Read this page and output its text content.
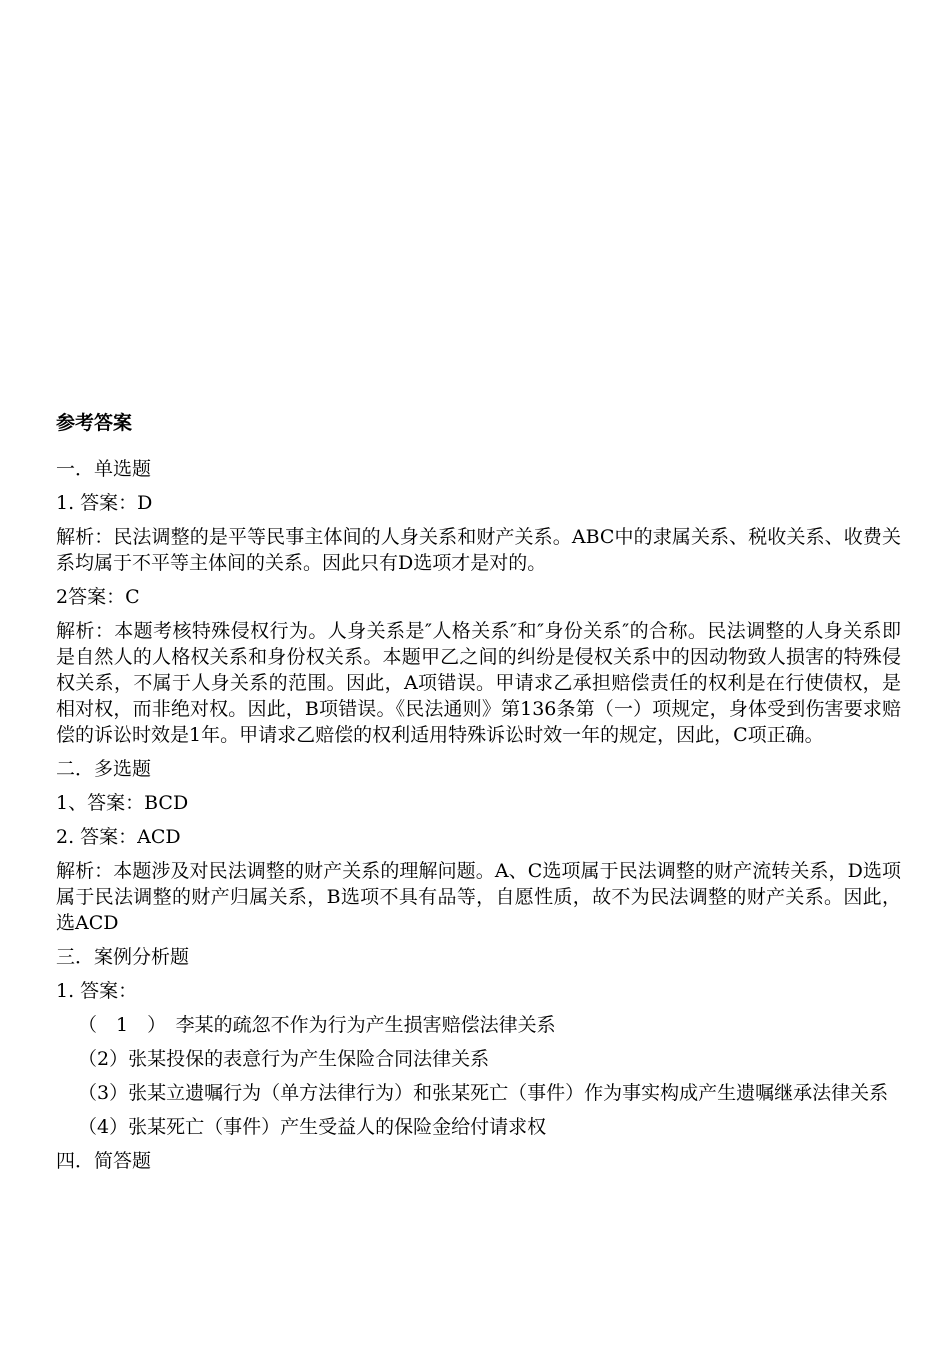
参考答案
一．单选题
1. 答案：D
解析：民法调整的是平等民事主体间的人身关系和财产关系。ABC中的隶属关系、税收关系、收费关系均属于不平等主体间的关系。因此只有D选项才是对的。
2答案：C
解析：本题考核特殊侵权行为。人身关系是″人格关系″和″身份关系″的合称。民法调整的人身关系即是自然人的人格权关系和身份权关系。本题甲乙之间的纠纷是侵权关系中的因动物致人损害的特殊侵权关系，不属于人身关系的范围。因此，A项错误。甲请求乙承担赔偿责任的权利是在行使债权，是相对权，而非绝对权。因此，B项错误。《民法通则》第136条第（一）项规定，身体受到伤害要求赔偿的诉讼时效是1年。甲请求乙赔偿的权利适用特殊诉讼时效一年的规定，因此，C项正确。
二．多选题
1、答案：BCD
2. 答案：ACD
解析：本题涉及对民法调整的财产关系的理解问题。A、C选项属于民法调整的财产流转关系，D选项属于民法调整的财产归属关系，B选项不具有品等，自愿性质，故不为民法调整的财产关系。因此，选ACD
三．案例分析题
1. 答案：
（　1　）　李某的疏忽不作为行为产生损害赔偿法律关系
（2）张某投保的表意行为产生保险合同法律关系
（3）张某立遗嘱行为（单方法律行为）和张某死亡（事件）作为事实构成产生遗嘱继承法律关系
（4）张某死亡（事件）产生受益人的保险金给付请求权
四．简答题
